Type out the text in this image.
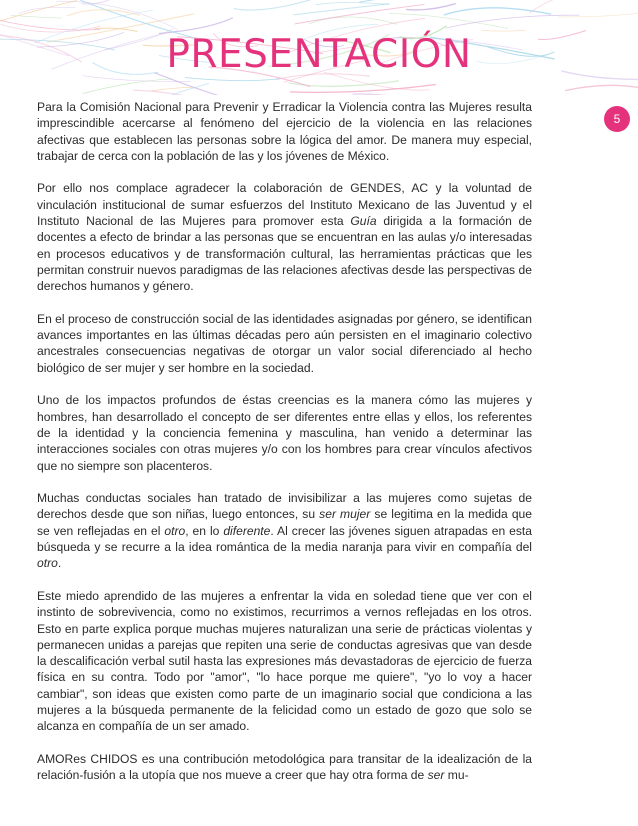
PRESENTACIÓN
5

Para la Comisión Nacional para Prevenir y Erradicar la Violencia contra las Mujeres resulta imprescindible acercarse al fenómeno del ejercicio de la violencia en las relaciones afectivas que establecen las personas sobre la lógica del amor. De manera muy especial, trabajar de cerca con la población de las y los jóvenes de México.

Por ello nos complace agradecer la colaboración de GENDES, AC y la voluntad de vinculación institucional de sumar esfuerzos del Instituto Mexicano de las Juventud y el Instituto Nacional de las Mujeres para promover esta Guía dirigida a la formación de docentes a efecto de brindar a las personas que se encuentran en las aulas y/o interesadas en procesos educativos y de transformación cultural, las herramientas prácticas que les permitan construir nuevos paradigmas de las relaciones afectivas desde las perspectivas de derechos humanos y género.

En el proceso de construcción social de las identidades asignadas por género, se identifican avances importantes en las últimas décadas pero aún persisten en el imaginario colectivo ancestrales consecuencias negativas de otorgar un valor social diferenciado al hecho biológico de ser mujer y ser hombre en la sociedad.

Uno de los impactos profundos de éstas creencias es la manera cómo las mujeres y hombres, han desarrollado el concepto de ser diferentes entre ellas y ellos, los referentes de la identidad y la conciencia femenina y masculina, han venido a determinar las interacciones sociales con otras mujeres y/o con los hombres para crear vínculos afectivos que no siempre son placenteros.

Muchas conductas sociales han tratado de invisibilizar a las mujeres como sujetas de derechos desde que son niñas, luego entonces, su ser mujer se legitima en la medida que se ven reflejadas en el otro, en lo diferente. Al crecer las jóvenes siguen atrapadas en esta búsqueda y se recurre a la idea romántica de la media naranja para vivir en compañía del otro.

Este miedo aprendido de las mujeres a enfrentar la vida en soledad tiene que ver con el instinto de sobrevivencia, como no existimos, recurrimos a vernos reflejadas en los otros. Esto en parte explica porque muchas mujeres naturalizan una serie de prácticas violentas y permanecen unidas a parejas que repiten una serie de conductas agresivas que van desde la descalificación verbal sutil hasta las expresiones más devastadoras de ejercicio de fuerza física en su contra. Todo por "amor", "lo hace porque me quiere", "yo lo voy a hacer cambiar", son ideas que existen como parte de un imaginario social que condiciona a las mujeres a la búsqueda permanente de la felicidad como un estado de gozo que solo se alcanza en compañía de un ser amado.

AMORes CHIDOS es una contribución metodológica para transitar de la idealización de la relación-fusión a la utopía que nos mueve a creer que hay otra forma de ser mu-
